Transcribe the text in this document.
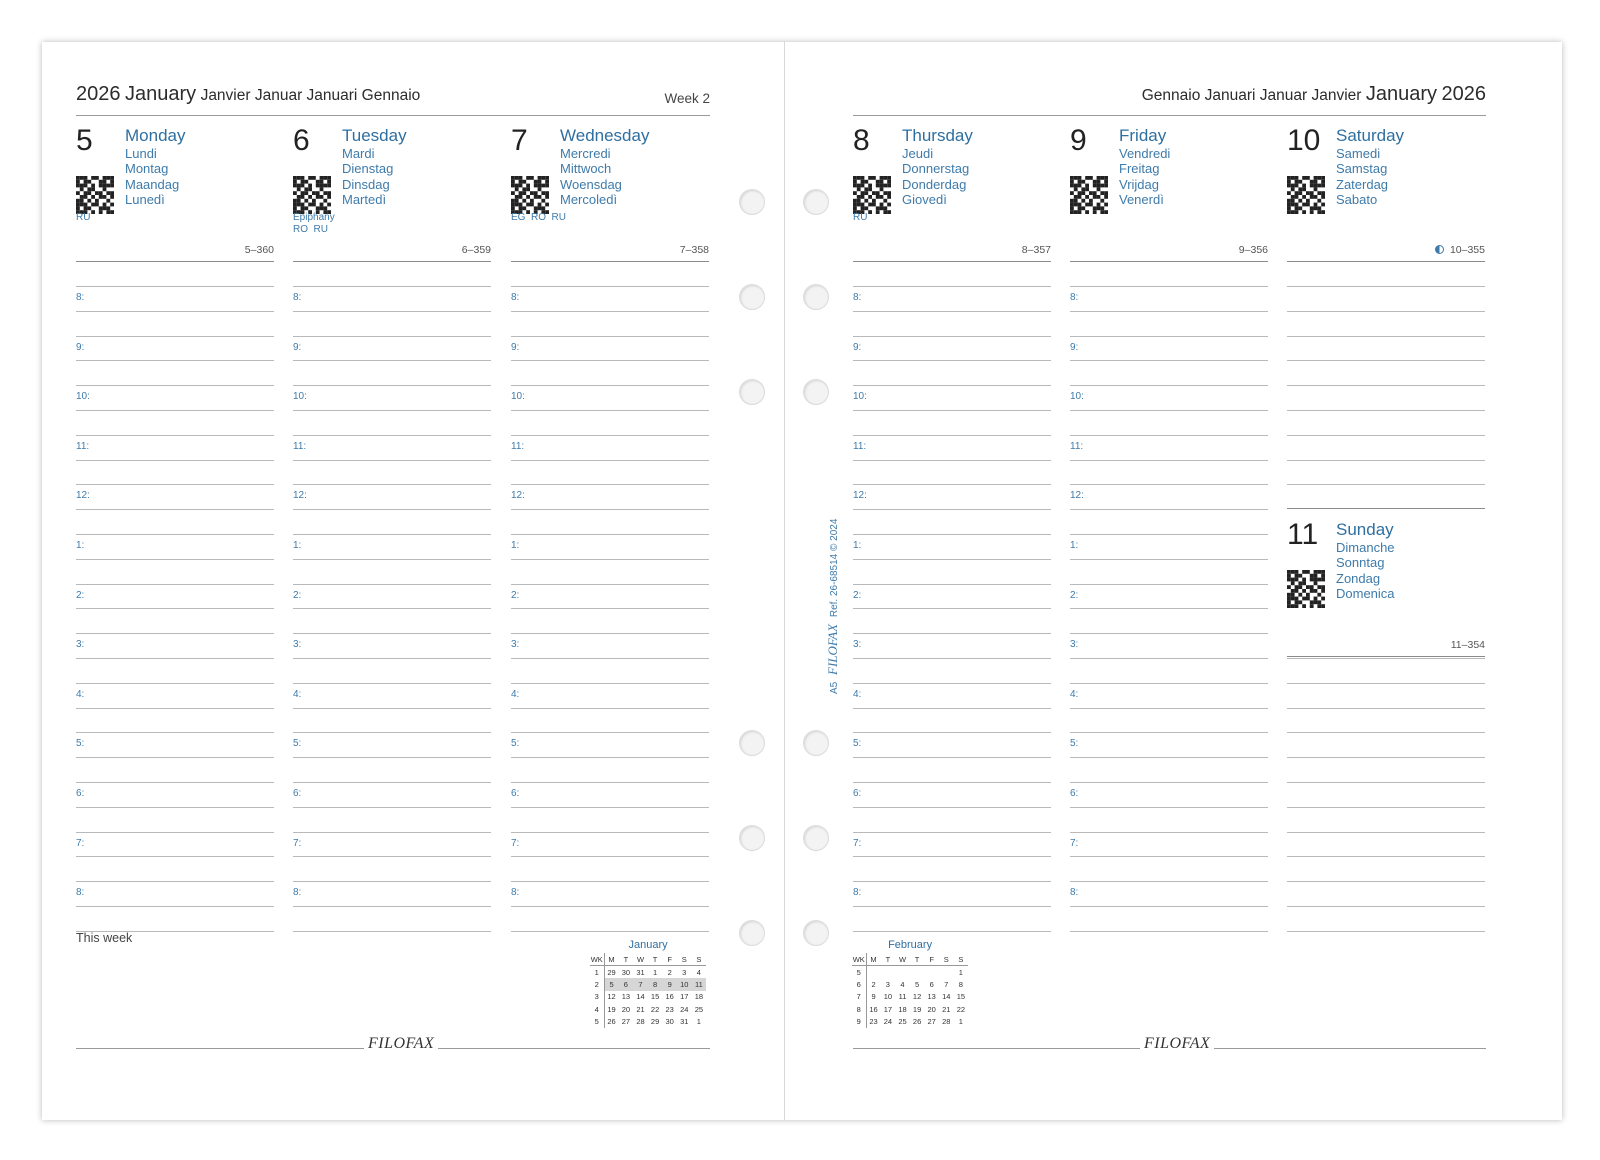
2026 January Janvier Januar Januari Gennaio	Week 2	Gennaio Januari Januar Janvier January 2026
5 Monday
Lundi
Montag
Maandag
Lunedì
RU
5–360
8:
9:
10:
11:
12:
1:
2:
3:
4:
5:
6:
7:
8:
6 Tuesday
Mardi
Dienstag
Dinsdag
Martedì
Epiphany
RO  RU
6–359
8:
9:
10:
11:
12:
1:
2:
3:
4:
5:
6:
7:
8:
7 Wednesday
Mercredi
Mittwoch
Woensdag
Mercoledì
EG  RO  RU
7–358
8:
9:
10:
11:
12:
1:
2:
3:
4:
5:
6:
7:
8:
8 Thursday
Jeudi
Donnerstag
Donderdag
Giovedì
RU
8–357
8:
9:
10:
11:
12:
1:
2:
3:
4:
5:
6:
7:
8:
9 Friday
Vendredi
Freitag
Vrijdag
Venerdì
9–356
8:
9:
10:
11:
12:
1:
2:
3:
4:
5:
6:
7:
8:
10 Saturday
Samedi
Samstag
Zaterdag
Sabato
10–355
11 Sunday
Dimanche
Sonntag
Zondag
Domenica
11–354
This week	January
WK	M	T	W	T	F	S	S
1	29	30	31	1	2	3	4
2	5	6	7	8	9	10	11
3	12	13	14	15	16	17	18
4	19	20	21	22	23	24	25
5	26	27	28	29	30	31	1
February
WK	M	T	W	T	F	S	S
5							1
6	2	3	4	5	6	7	8
7	9	10	11	12	13	14	15
8	16	17	18	19	20	21	22
9	23	24	25	26	27	28	1
FILOFAX	FILOFAX
A5 FILOFAX Ref. 26-68514 © 2024
